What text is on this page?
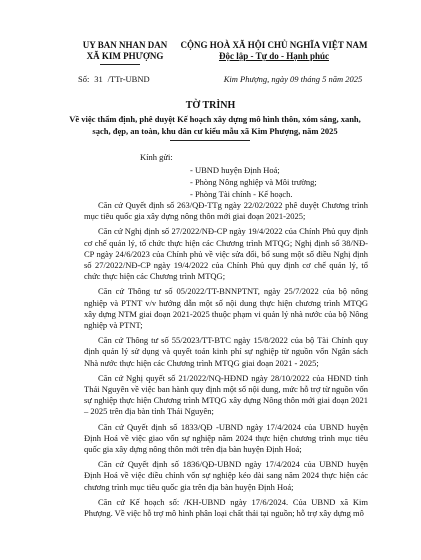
UY BAN NHAN DAN
XÃ KIM PHƯỢNG
CỘNG HOÀ XÃ HỘI CHỦ NGHĨA VIỆT NAM
Độc lập - Tự do - Hạnh phúc
Số: 31 /TTr-UBND	Kim Phượng, ngày 09 tháng 5 năm 2025
TỜ TRÌNH
Về việc thẩm định, phê duyệt Kế hoạch xây dựng mô hình thôn, xóm sáng, xanh, sạch, đẹp, an toàn, khu dân cư kiểu mẫu xã Kim Phượng, năm 2025
Kính gửi:
- UBND huyện Định Hoá;
- Phòng Nông nghiệp và Môi trường;
- Phòng Tài chính - Kế hoạch.

Căn cứ Quyết định số 263/QĐ-TTg ngày 22/02/2022 phê duyệt Chương trình mục tiêu quốc gia xây dựng nông thôn mới giai đoạn 2021-2025;

Căn cứ Nghị định số 27/2022/NĐ-CP ngày 19/4/2022 của Chính Phủ quy định cơ chế quản lý, tổ chức thực hiện các Chương trình MTQG; Nghị định số 38/NĐ-CP ngày 24/6/2023 của Chính phủ về việc sửa đổi, bổ sung một số điều Nghị định số 27/2022/NĐ-CP ngày 19/4/2022 của Chính Phủ quy định cơ chế quản lý, tổ chức thực hiện các Chương trình MTQG;

Căn cứ Thông tư số 05/2022/TT-BNNPTNT, ngày 25/7/2022 của bộ nông nghiệp và PTNT v/v hướng dẫn một số nội dung thực hiện chương trình MTQG xây dựng NTM giai đoạn 2021-2025 thuộc phạm vi quản lý nhà nước của bộ Nông nghiệp và PTNT;

Căn cứ Thông tư số 55/2023/TT-BTC ngày 15/8/2022 của bộ Tài Chính quy định quản lý sử dụng và quyết toán kinh phí sự nghiệp từ nguồn vốn Ngân sách Nhà nước thực hiện các Chương trình MTQG giai đoạn 2021 - 2025;

Căn cứ Nghị quyết số 21/2022/NQ-HĐND ngày 28/10/2022 của HĐND tỉnh Thái Nguyên về việc ban hành quy định một số nội dung, mức hỗ trợ từ nguồn vốn sự nghiệp thực hiện Chương trình MTQG xây dựng Nông thôn mới giai đoạn 2021 – 2025 trên địa bàn tỉnh Thái Nguyên;

Căn cứ Quyết định số 1833/QĐ -UBND ngày 17/4/2024 của UBND huyện Định Hoá về việc giao vốn sự nghiệp năm 2024 thực hiện chương trình mục tiêu quốc gia xây dựng nông thôn mới trên địa bàn huyện Định Hoá;

Căn cứ Quyết định số 1836/QĐ-UBND ngày 17/4/2024 của UBND huyện Định Hoá về việc điều chỉnh vốn sự nghiệp kéo dài sang năm 2024 thực hiện các chương trình mục tiêu quốc gia trên địa bàn huyện Định Hoá;

Căn cứ Kế hoạch số: /KH-UBND ngày 17/6/2024. Của UBND xã Kim Phượng. Về việc hỗ trợ mô hình phân loại chất thải tại nguồn; hỗ trợ xây dựng mô
